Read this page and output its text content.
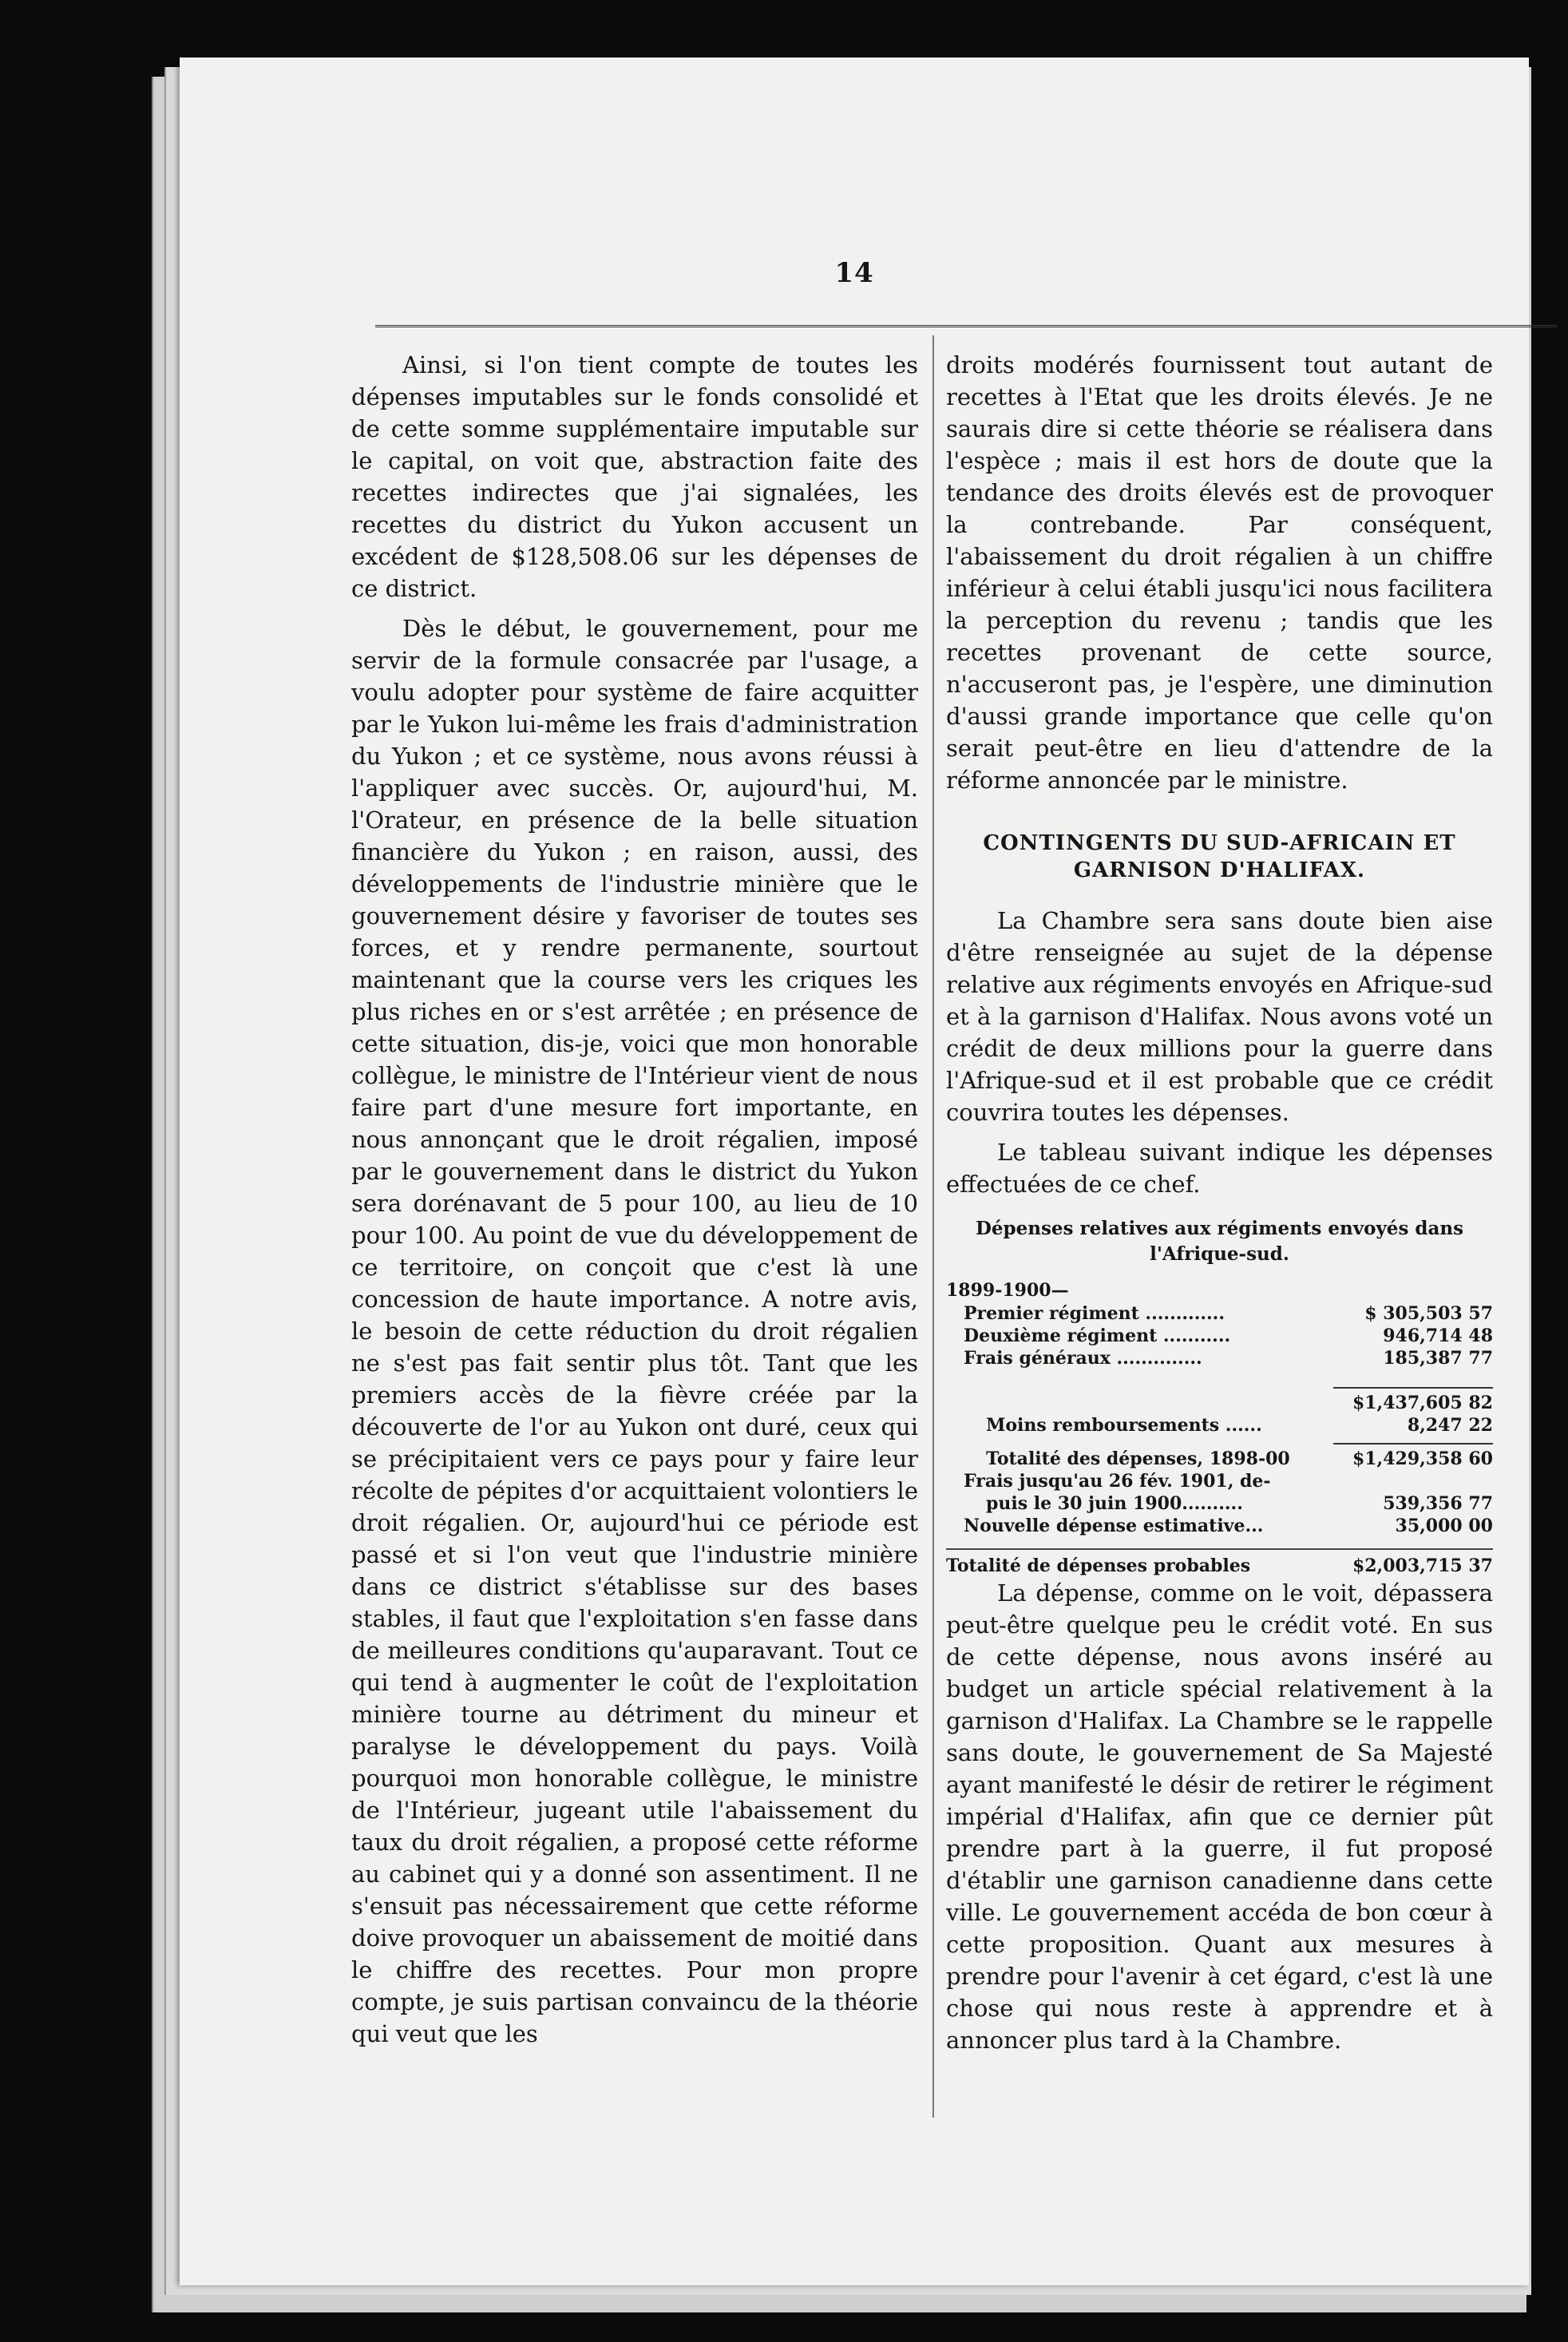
14

Ainsi, si l'on tient compte de toutes les dépenses imputables sur le fonds consolidé et de cette somme supplémentaire imputable sur le capital, on voit que, abstraction faite des recettes indirectes que j'ai signalées, les recettes du district du Yukon accusent un excédent de $128,508.06 sur les dépenses de ce district.

Dès le début, le gouvernement, pour me servir de la formule consacrée par l'usage, a voulu adopter pour système de faire acquitter par le Yukon lui-même les frais d'administration du Yukon ; et ce système, nous avons réussi à l'appliquer avec succès. Or, aujourd'hui, M. l'Orateur, en présence de la belle situation financière du Yukon ; en raison, aussi, des développements de l'industrie minière que le gouvernement désire y favoriser de toutes ses forces, et y rendre permanente, sourtout maintenant que la course vers les criques les plus riches en or s'est arrêtée ; en présence de cette situation, dis-je, voici que mon honorable collègue, le ministre de l'Intérieur vient de nous faire part d'une mesure fort importante, en nous annonçant que le droit régalien, imposé par le gouvernement dans le district du Yukon sera dorénavant de 5 pour 100, au lieu de 10 pour 100. Au point de vue du développement de ce territoire, on conçoit que c'est là une concession de haute importance. A notre avis, le besoin de cette réduction du droit régalien ne s'est pas fait sentir plus tôt. Tant que les premiers accès de la fièvre créée par la découverte de l'or au Yukon ont duré, ceux qui se précipitaient vers ce pays pour y faire leur récolte de pépites d'or acquittaient volontiers le droit régalien. Or, aujourd'hui ce période est passé et si l'on veut que l'industrie minière dans ce district s'établisse sur des bases stables, il faut que l'exploitation s'en fasse dans de meilleures conditions qu'auparavant. Tout ce qui tend à augmenter le coût de l'exploitation minière tourne au détriment du mineur et paralyse le développement du pays. Voilà pourquoi mon honorable collègue, le ministre de l'Intérieur, jugeant utile l'abaissement du taux du droit régalien, a proposé cette réforme au cabinet qui y a donné son assentiment. Il ne s'ensuit pas nécessairement que cette réforme doive provoquer un abaissement de moitié dans le chiffre des recettes. Pour mon propre compte, je suis partisan convaincu de la théorie qui veut que les

droits modérés fournissent tout autant de recettes à l'Etat que les droits élevés. Je ne saurais dire si cette théorie se réalisera dans l'espèce ; mais il est hors de doute que la tendance des droits élevés est de provoquer la contrebande. Par conséquent, l'abaissement du droit régalien à un chiffre inférieur à celui établi jusqu'ici nous facilitera la perception du revenu ; tandis que les recettes provenant de cette source, n'accuseront pas, je l'espère, une diminution d'aussi grande importance que celle qu'on serait peut-être en lieu d'attendre de la réforme annoncée par le ministre.

CONTINGENTS DU SUD-AFRICAIN ET GARNISON D'HALIFAX.

La Chambre sera sans doute bien aise d'être renseignée au sujet de la dépense relative aux régiments envoyés en Afrique-sud et à la garnison d'Halifax. Nous avons voté un crédit de deux millions pour la guerre dans l'Afrique-sud et il est probable que ce crédit couvrira toutes les dépenses.

Le tableau suivant indique les dépenses effectuées de ce chef.

Dépenses relatives aux régiments envoyés dans l'Afrique-sud.
1899-1900—
Premier régiment .............	$ 305,503 57
Deuxième régiment ...........	946,714 48
Frais généraux ..............	185,387 77
$1,437,605 82
Moins remboursements ......	8,247 22
Totalité des dépenses, 1898-00	$1,429,358 60
Frais jusqu'au 26 fév. 1901, de-
puis le 30 juin 1900..........	539,356 77
Nouvelle dépense estimative...	35,000 00
Totalité de dépenses probables	$2,003,715 37

La dépense, comme on le voit, dépassera peut-être quelque peu le crédit voté. En sus de cette dépense, nous avons inséré au budget un article spécial relativement à la garnison d'Halifax. La Chambre se le rappelle sans doute, le gouvernement de Sa Majesté ayant manifesté le désir de retirer le régiment impérial d'Halifax, afin que ce dernier pût prendre part à la guerre, il fut proposé d'établir une garnison canadienne dans cette ville. Le gouvernement accéda de bon cœur à cette proposition. Quant aux mesures à prendre pour l'avenir à cet égard, c'est là une chose qui nous reste à apprendre et à annoncer plus tard à la Chambre.
